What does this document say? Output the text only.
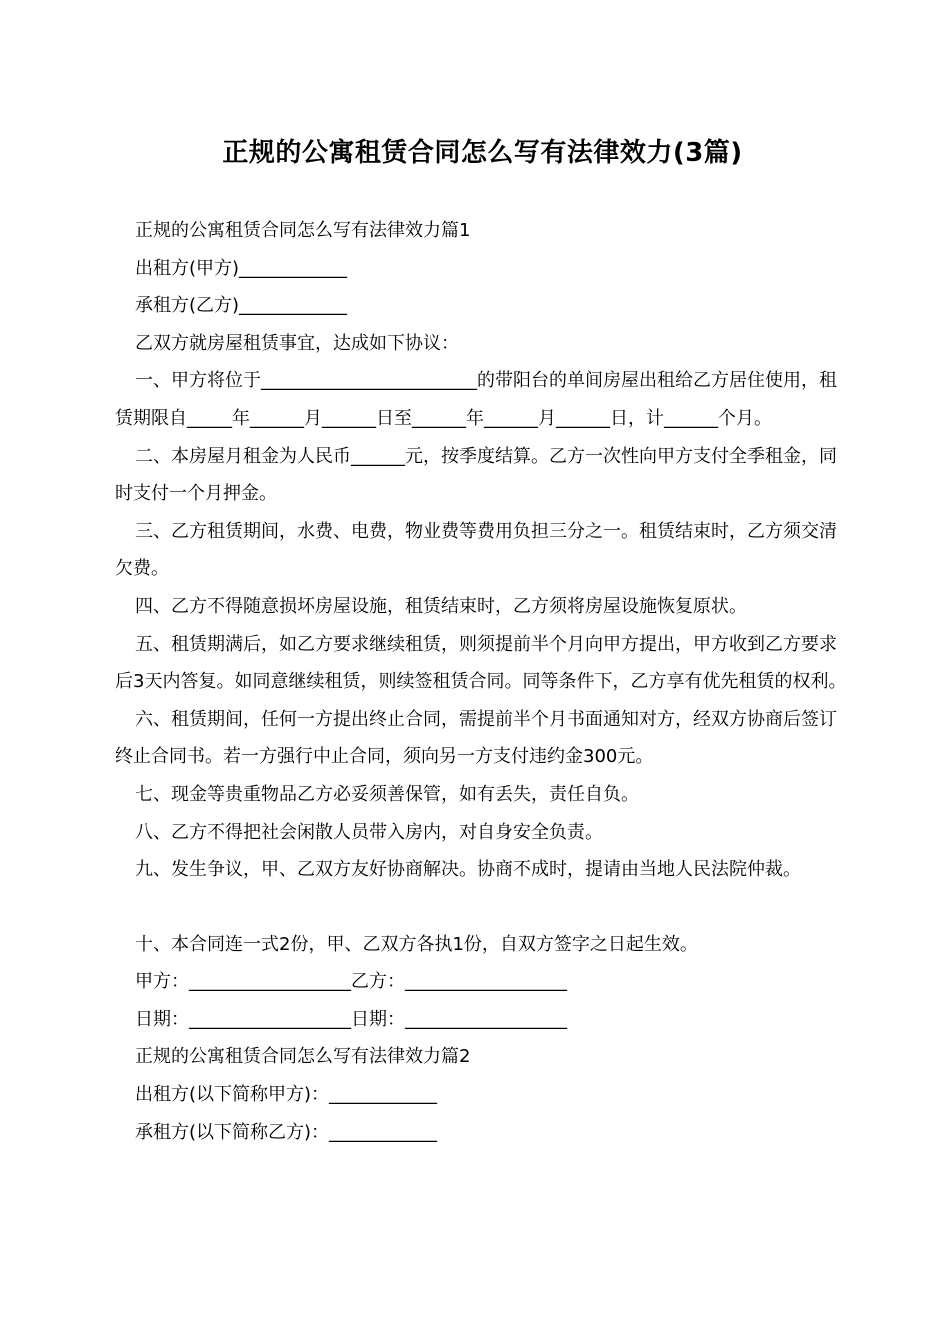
正规的公寓租赁合同怎么写有法律效力(3篇)

正规的公寓租赁合同怎么写有法律效力篇1

出租方(甲方)____________

承租方(乙方)____________

乙双方就房屋租赁事宜，达成如下协议：

一、甲方将位于________________________的带阳台的单间房屋出租给乙方居住使用，租赁期限自_____年______月______日至______年______月______日，计______个月。

二、本房屋月租金为人民币______元，按季度结算。乙方一次性向甲方支付全季租金，同时支付一个月押金。

三、乙方租赁期间，水费、电费，物业费等费用负担三分之一。租赁结束时，乙方须交清欠费。

四、乙方不得随意损坏房屋设施，租赁结束时，乙方须将房屋设施恢复原状。

五、租赁期满后，如乙方要求继续租赁，则须提前半个月向甲方提出，甲方收到乙方要求后3天内答复。如同意继续租赁，则续签租赁合同。同等条件下，乙方享有优先租赁的权利。

六、租赁期间，任何一方提出终止合同，需提前半个月书面通知对方，经双方协商后签订终止合同书。若一方强行中止合同，须向另一方支付违约金300元。

七、现金等贵重物品乙方必妥须善保管，如有丢失，责任自负。

八、乙方不得把社会闲散人员带入房内，对自身安全负责。

九、发生争议，甲、乙双方友好协商解决。协商不成时，提请由当地人民法院仲裁。

十、本合同连一式2份，甲、乙双方各执1份，自双方签字之日起生效。

甲方：__________________乙方：__________________

日期：__________________日期：__________________

正规的公寓租赁合同怎么写有法律效力篇2

出租方(以下简称甲方)：____________

承租方(以下简称乙方)：____________
